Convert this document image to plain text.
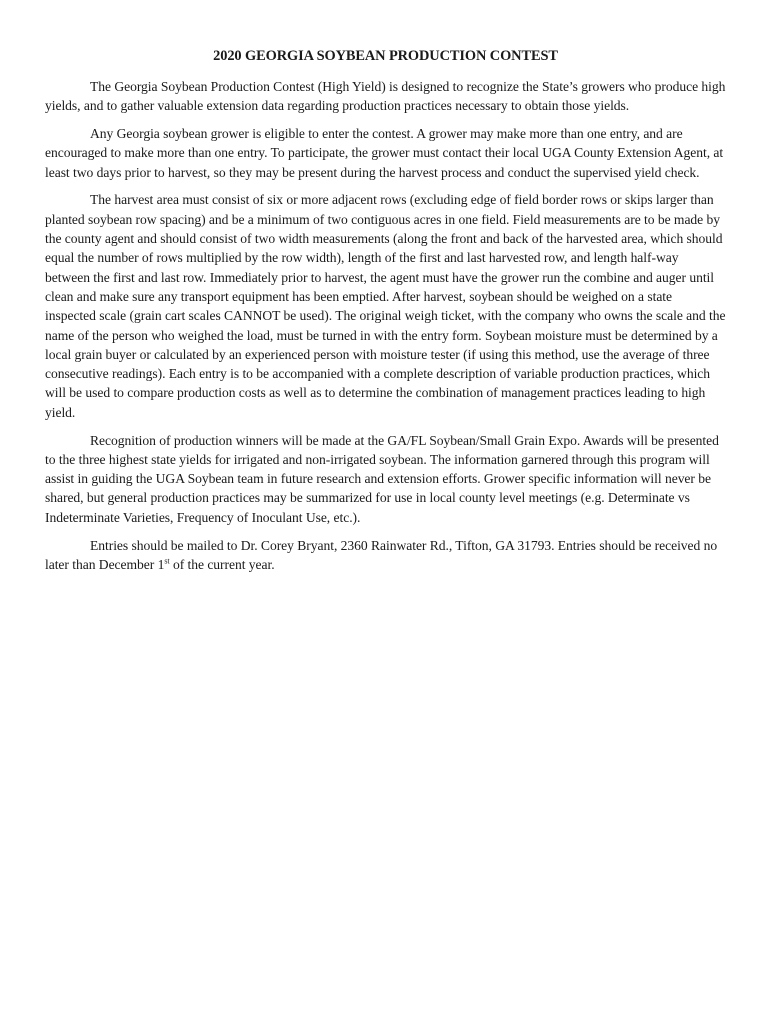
2020 GEORGIA SOYBEAN PRODUCTION CONTEST

The Georgia Soybean Production Contest (High Yield) is designed to recognize the State’s growers who produce high yields, and to gather valuable extension data regarding production practices necessary to obtain those yields.

Any Georgia soybean grower is eligible to enter the contest. A grower may make more than one entry, and are encouraged to make more than one entry. To participate, the grower must contact their local UGA County Extension Agent, at least two days prior to harvest, so they may be present during the harvest process and conduct the supervised yield check.

The harvest area must consist of six or more adjacent rows (excluding edge of field border rows or skips larger than planted soybean row spacing) and be a minimum of two contiguous acres in one field. Field measurements are to be made by the county agent and should consist of two width measurements (along the front and back of the harvested area, which should equal the number of rows multiplied by the row width), length of the first and last harvested row, and length half-way between the first and last row. Immediately prior to harvest, the agent must have the grower run the combine and auger until clean and make sure any transport equipment has been emptied. After harvest, soybean should be weighed on a state inspected scale (grain cart scales CANNOT be used). The original weigh ticket, with the company who owns the scale and the name of the person who weighed the load, must be turned in with the entry form. Soybean moisture must be determined by a local grain buyer or calculated by an experienced person with moisture tester (if using this method, use the average of three consecutive readings). Each entry is to be accompanied with a complete description of variable production practices, which will be used to compare production costs as well as to determine the combination of management practices leading to high yield.

Recognition of production winners will be made at the GA/FL Soybean/Small Grain Expo. Awards will be presented to the three highest state yields for irrigated and non-irrigated soybean. The information garnered through this program will assist in guiding the UGA Soybean team in future research and extension efforts. Grower specific information will never be shared, but general production practices may be summarized for use in local county level meetings (e.g. Determinate vs Indeterminate Varieties, Frequency of Inoculant Use, etc.).

Entries should be mailed to Dr. Corey Bryant, 2360 Rainwater Rd., Tifton, GA 31793. Entries should be received no later than December 1st of the current year.
